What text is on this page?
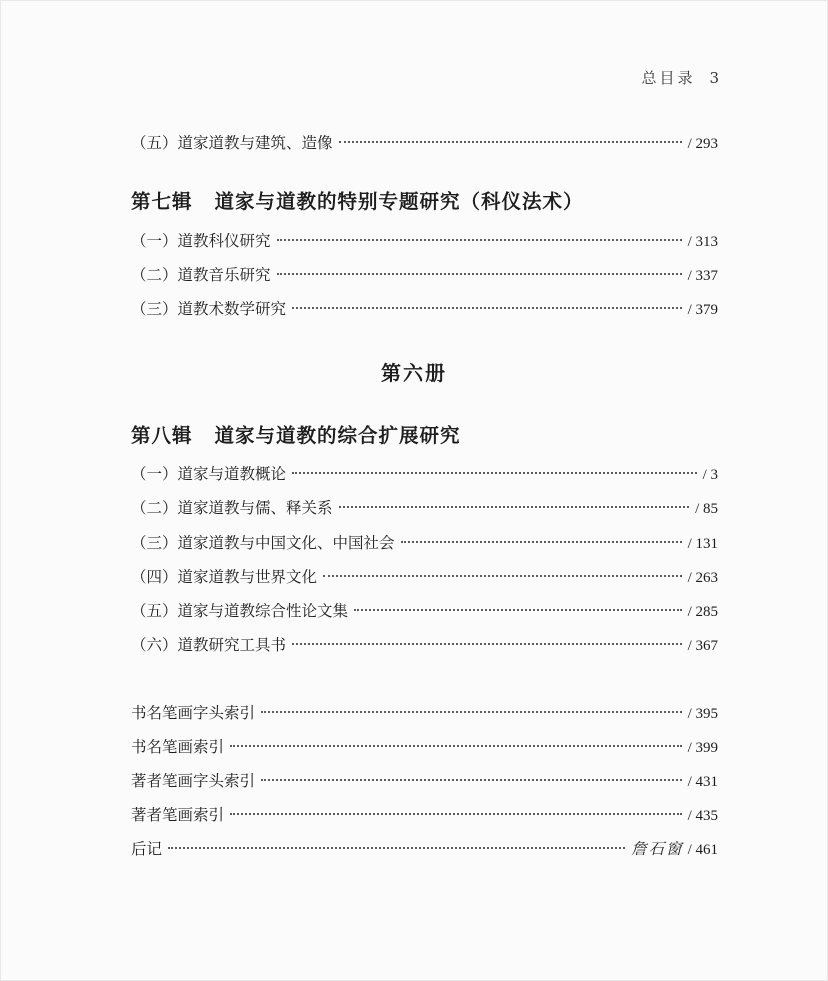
总目录 3
（五）道家道教与建筑、造像	/ 293
第七辑 道家与道教的特别专题研究（科仪法术）
（一）道教科仪研究	/ 313
（二）道教音乐研究	/ 337
（三）道教术数学研究	/ 379
第六册
第八辑 道家与道教的综合扩展研究
（一）道家与道教概论	/ 3
（二）道家道教与儒、释关系	/ 85
（三）道家道教与中国文化、中国社会	/ 131
（四）道家道教与世界文化	/ 263
（五）道家与道教综合性论文集	/ 285
（六）道教研究工具书	/ 367
书名笔画字头索引	/ 395
书名笔画索引	/ 399
著者笔画字头索引	/ 431
著者笔画索引	/ 435
后记	詹石窗 / 461
